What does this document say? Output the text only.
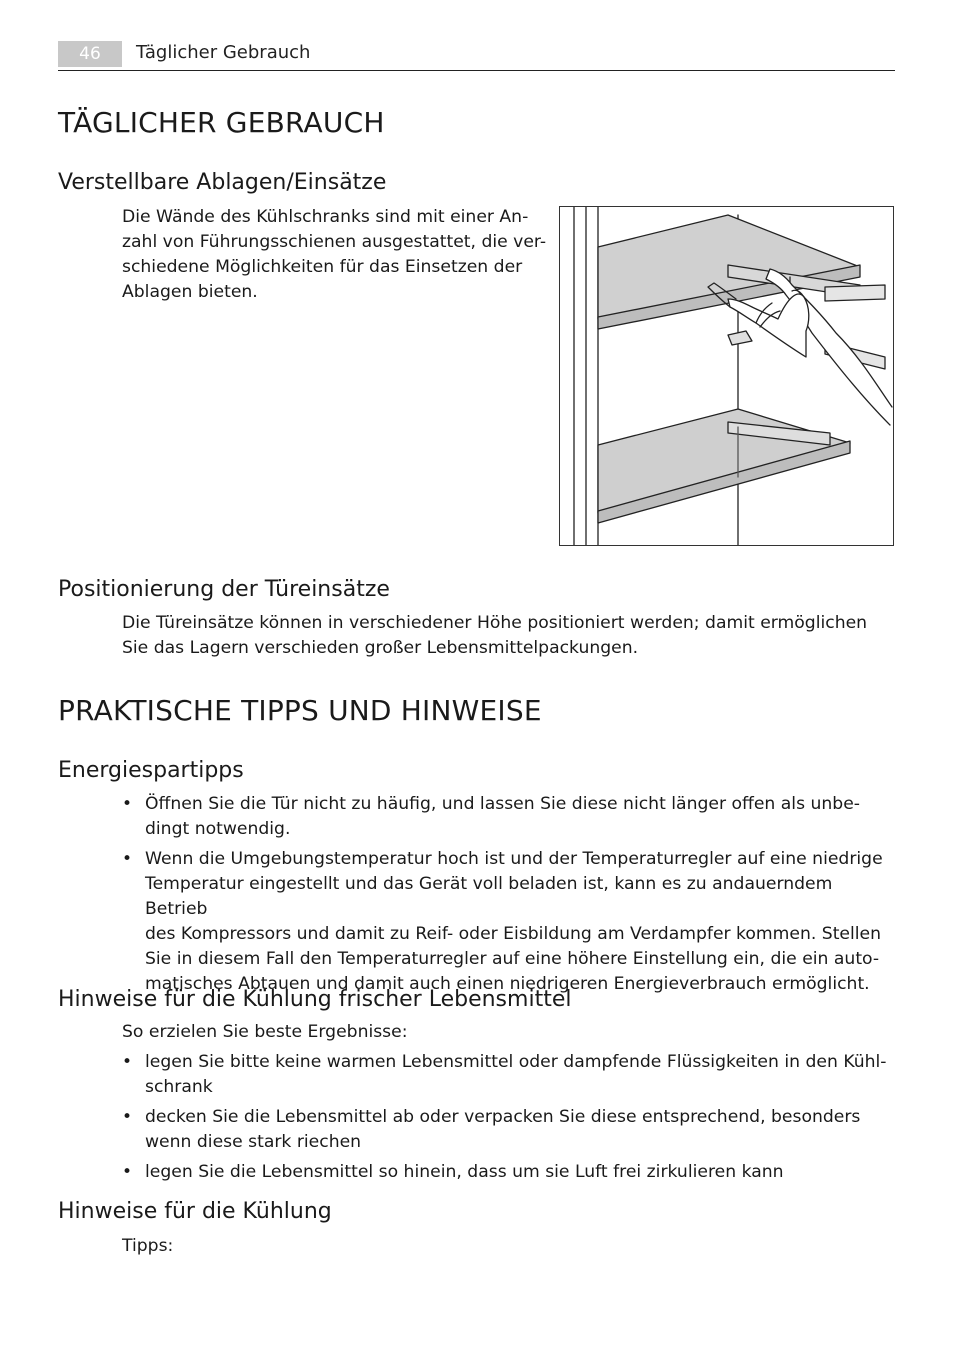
46	Täglicher Gebrauch
TÄGLICHER GEBRAUCH
Verstellbare Ablagen/Einsätze
Die Wände des Kühlschranks sind mit einer An-
zahl von Führungsschienen ausgestattet, die ver-
schiedene Möglichkeiten für das Einsetzen der
Ablagen bieten.
Positionierung der Türeinsätze
Die Türeinsätze können in verschiedener Höhe positioniert werden; damit ermöglichen
Sie das Lagern verschieden großer Lebensmittelpackungen.
PRAKTISCHE TIPPS UND HINWEISE
Energiespartipps
• Öffnen Sie die Tür nicht zu häufig, und lassen Sie diese nicht länger offen als unbe-
dingt notwendig.
• Wenn die Umgebungstemperatur hoch ist und der Temperaturregler auf eine niedrige
Temperatur eingestellt und das Gerät voll beladen ist, kann es zu andauerndem Betrieb
des Kompressors und damit zu Reif- oder Eisbildung am Verdampfer kommen. Stellen
Sie in diesem Fall den Temperaturregler auf eine höhere Einstellung ein, die ein auto-
matisches Abtauen und damit auch einen niedrigeren Energieverbrauch ermöglicht.
Hinweise für die Kühlung frischer Lebensmittel
So erzielen Sie beste Ergebnisse:
• legen Sie bitte keine warmen Lebensmittel oder dampfende Flüssigkeiten in den Kühl-
schrank
• decken Sie die Lebensmittel ab oder verpacken Sie diese entsprechend, besonders
wenn diese stark riechen
• legen Sie die Lebensmittel so hinein, dass um sie Luft frei zirkulieren kann
Hinweise für die Kühlung
Tipps:
